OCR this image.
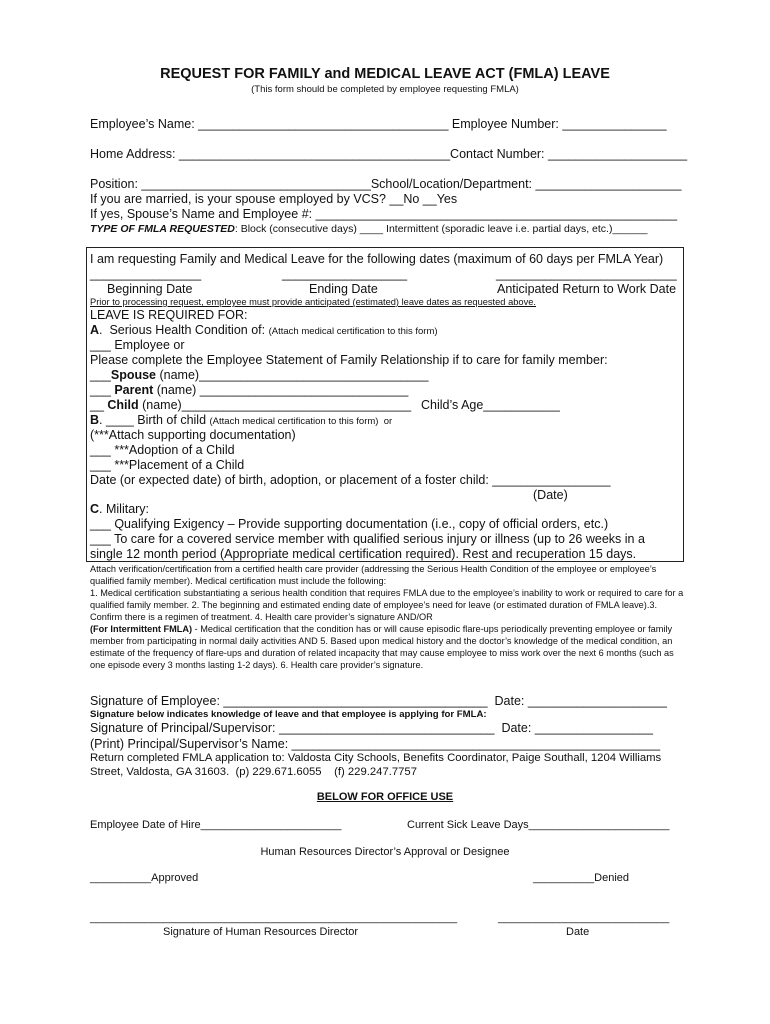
REQUEST FOR FAMILY and MEDICAL LEAVE ACT (FMLA) LEAVE
(This form should be completed by employee requesting FMLA)
Employee’s Name: ____________________________________ Employee Number: _______________
Home Address: _______________________________________Contact Number: ____________________
Position: _________________________________School/Location/Department: _____________________
If you are married, is your spouse employed by VCS? __No __Yes
If yes, Spouse’s Name and Employee #: ____________________________________________________
TYPE OF FMLA REQUESTED: Block (consecutive days) ____ Intermittent (sporadic leave i.e. partial days, etc.)______
I am requesting Family and Medical Leave for the following dates (maximum of 60 days per FMLA Year)
________________	__________________	__________________________
Beginning Date	Ending Date	Anticipated Return to Work Date
Prior to processing request, employee must provide anticipated (estimated) leave dates as requested above.
LEAVE IS REQUIRED FOR:
A.  Serious Health Condition of: (Attach medical certification to this form)
___ Employee or
Please complete the Employee Statement of Family Relationship if to care for family member:
___Spouse (name)_________________________________
___ Parent (name) ______________________________
__ Child (name)_________________________________ Child’s Age___________
B. ____ Birth of child (Attach medical certification to this form)  or
(***Attach supporting documentation)
___ ***Adoption of a Child
___ ***Placement of a Child
Date (or expected date) of birth, adoption, or placement of a foster child: _________________
(Date)
C. Military:
___ Qualifying Exigency – Provide supporting documentation (i.e., copy of official orders, etc.)
___ To care for a covered service member with qualified serious injury or illness (up to 26 weeks in a
single 12 month period (Appropriate medical certification required). Rest and recuperation 15 days.
Attach verification/certification from a certified health care provider (addressing the Serious Health Condition of the employee or employee’s qualified family member). Medical certification must include the following:
1. Medical certification substantiating a serious health condition that requires FMLA due to the employee’s inability to work or required to care for a qualified family member. 2. The beginning and estimated ending date of employee’s need for leave (or estimated duration of FMLA leave).3. Confirm there is a regimen of treatment. 4. Health care provider’s signature AND/OR
(For Intermittent FMLA) - Medical certification that the condition has or will cause episodic flare-ups periodically preventing employee or family member from participating in normal daily activities AND 5. Based upon medical history and the doctor’s knowledge of the medical condition, an estimate of the frequency of flare-ups and duration of related incapacity that may cause employee to miss work over the next 6 months (such as one episode every 3 months lasting 1-2 days). 6. Health care provider’s signature.
Signature of Employee: ______________________________________  Date: ____________________
Signature below indicates knowledge of leave and that employee is applying for FMLA:
Signature of Principal/Supervisor: _______________________________  Date: _________________
(Print) Principal/Supervisor’s Name: _____________________________________________________
Return completed FMLA application to: Valdosta City Schools, Benefits Coordinator, Paige Southall, 1204 Williams
Street, Valdosta, GA 31603.  (p) 229.671.6055    (f) 229.247.7757
BELOW FOR OFFICE USE
Employee Date of Hire_______________________	Current Sick Leave Days_______________________
Human Resources Director’s Approval or Designee
__________Approved	__________Denied
____________________________________________________________	____________________________
Signature of Human Resources Director	Date
